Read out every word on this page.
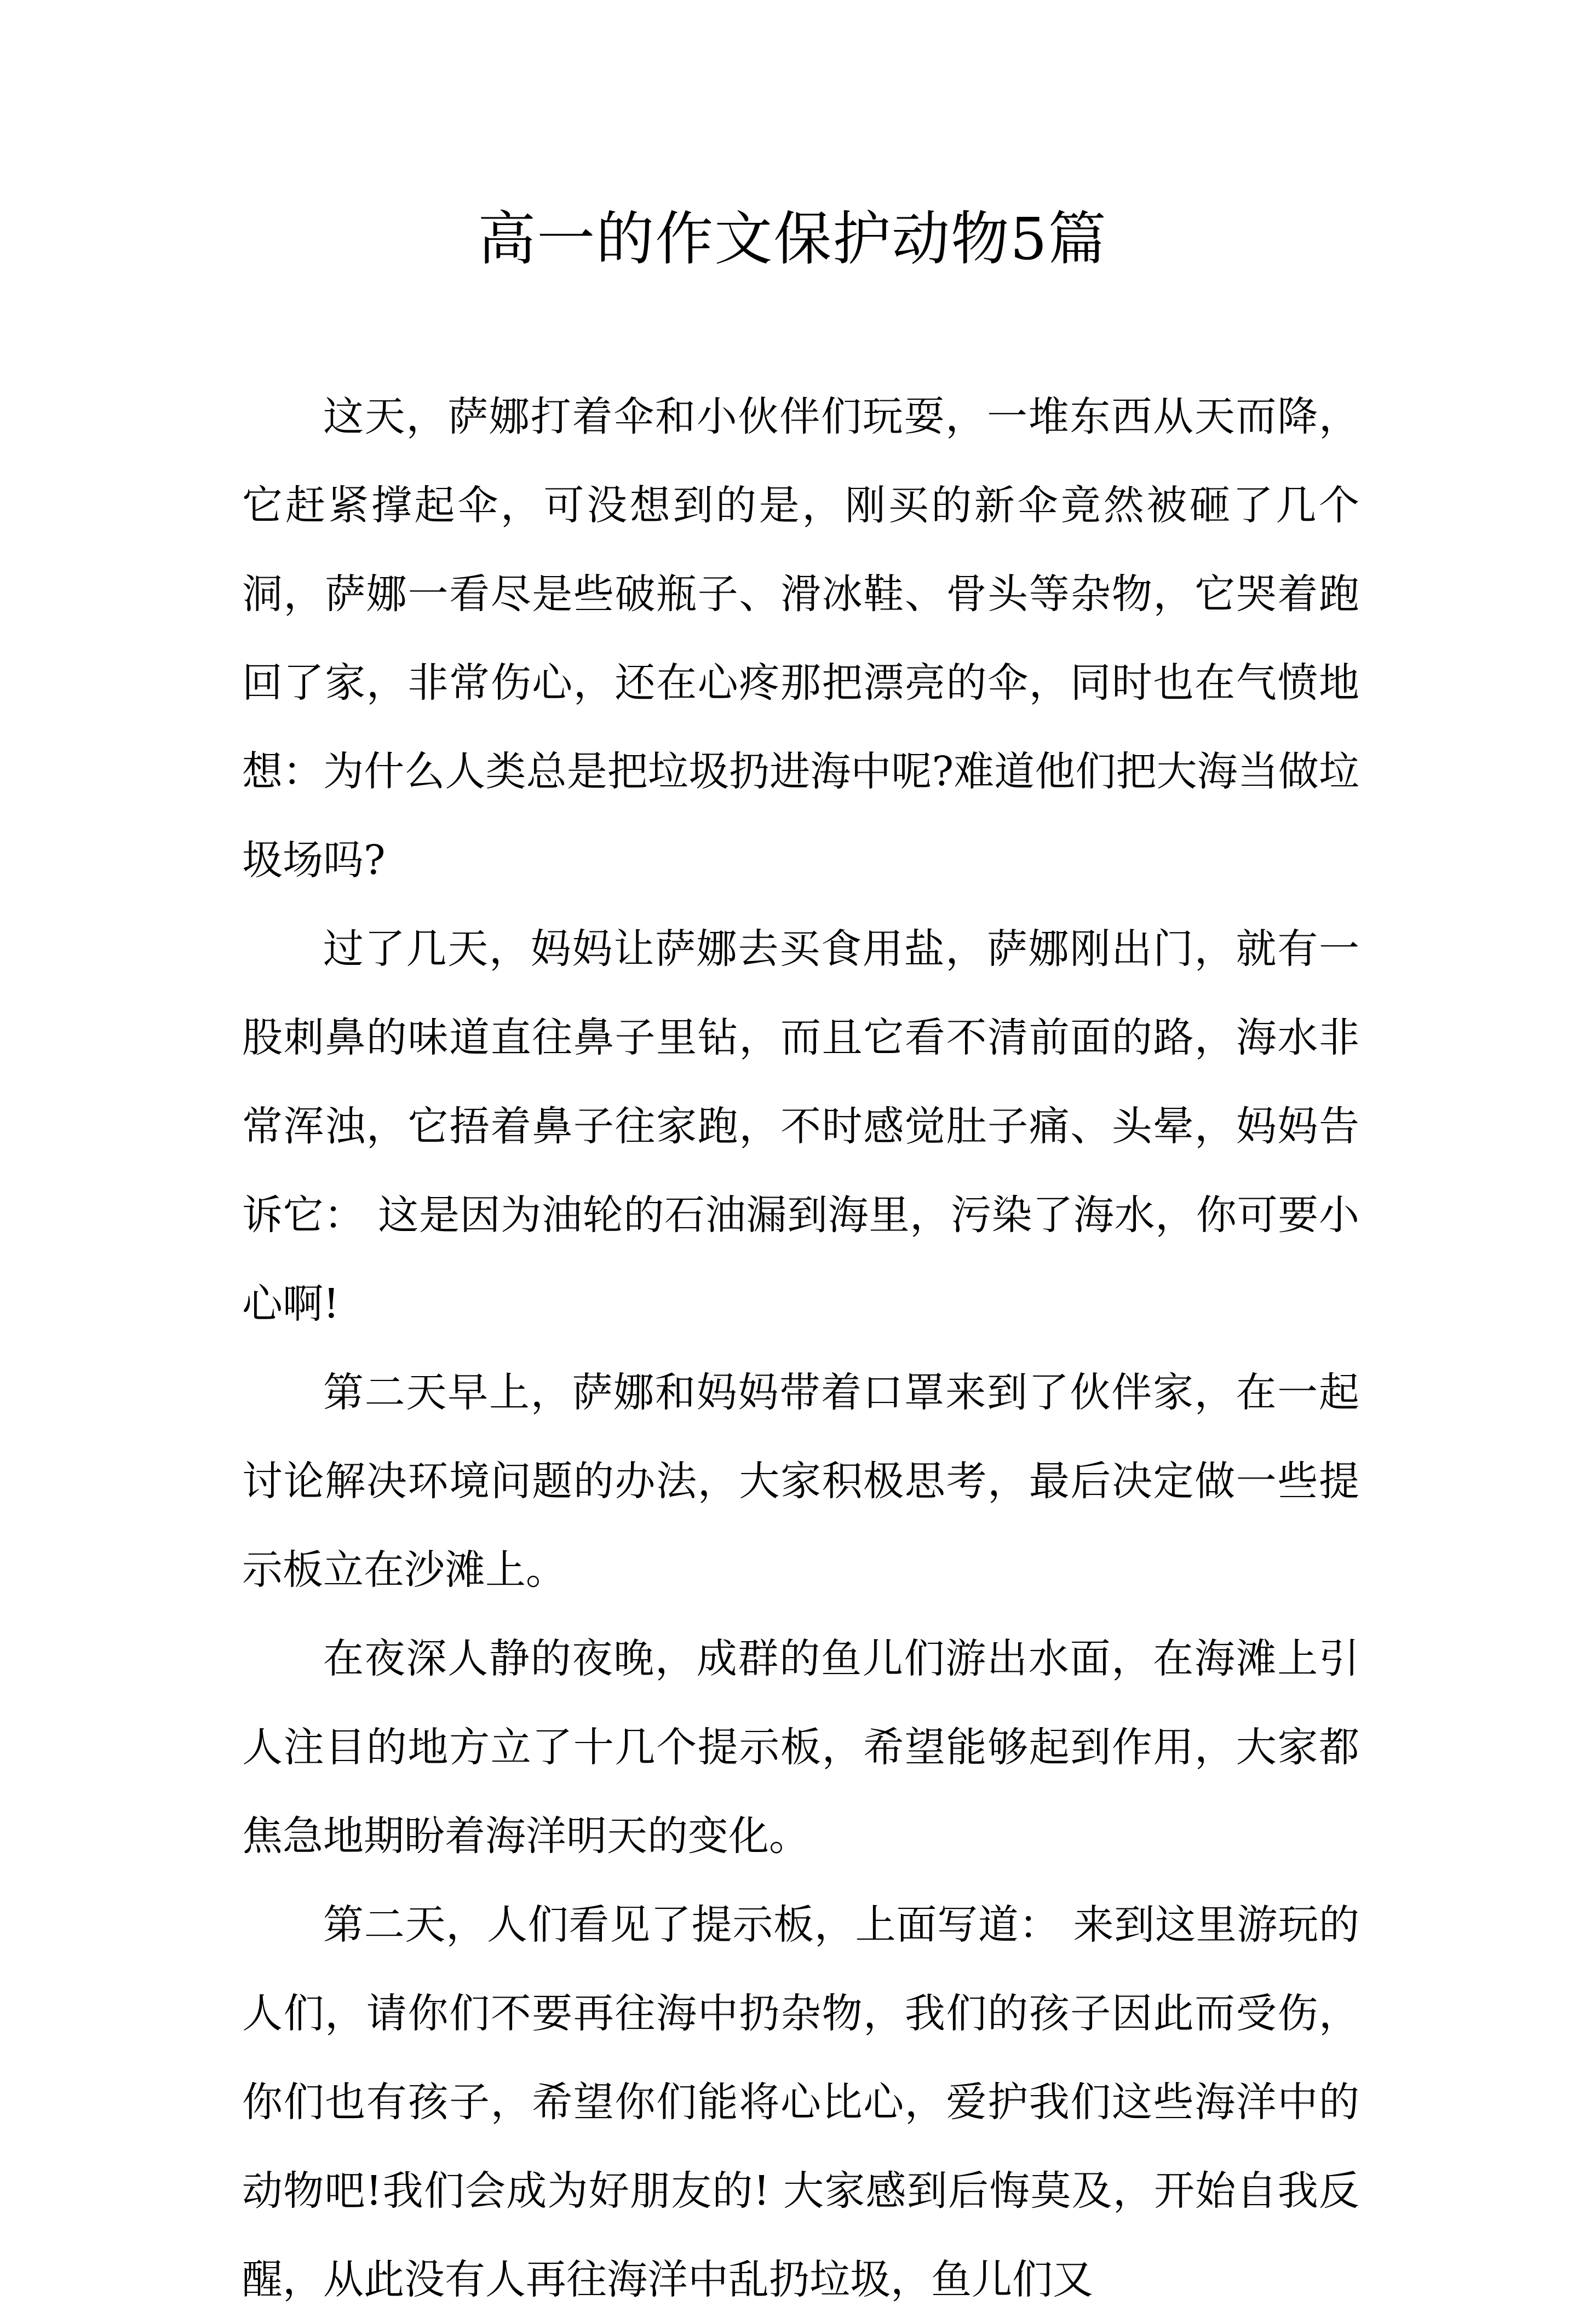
高一的作文保护动物5篇

这天，萨娜打着伞和小伙伴们玩耍，一堆东西从天而降，它赶紧撑起伞，可没想到的是，刚买的新伞竟然被砸了几个洞，萨娜一看尽是些破瓶子、滑冰鞋、骨头等杂物，它哭着跑回了家，非常伤心，还在心疼那把漂亮的伞，同时也在气愤地想：为什么人类总是把垃圾扔进海中呢?难道他们把大海当做垃圾场吗?

过了几天，妈妈让萨娜去买食用盐，萨娜刚出门，就有一股刺鼻的味道直往鼻子里钻，而且它看不清前面的路，海水非常浑浊，它捂着鼻子往家跑，不时感觉肚子痛、头晕，妈妈告诉它： 这是因为油轮的石油漏到海里，污染了海水，你可要小心啊!

第二天早上，萨娜和妈妈带着口罩来到了伙伴家，在一起讨论解决环境问题的办法，大家积极思考，最后决定做一些提示板立在沙滩上。

在夜深人静的夜晚，成群的鱼儿们游出水面，在海滩上引人注目的地方立了十几个提示板，希望能够起到作用，大家都焦急地期盼着海洋明天的变化。

第二天，人们看见了提示板，上面写道： 来到这里游玩的人们，请你们不要再往海中扔杂物，我们的孩子因此而受伤，你们也有孩子，希望你们能将心比心，爱护我们这些海洋中的动物吧!我们会成为好朋友的! 大家感到后悔莫及，开始自我反醒，从此没有人再往海洋中乱扔垃圾，鱼儿们又
